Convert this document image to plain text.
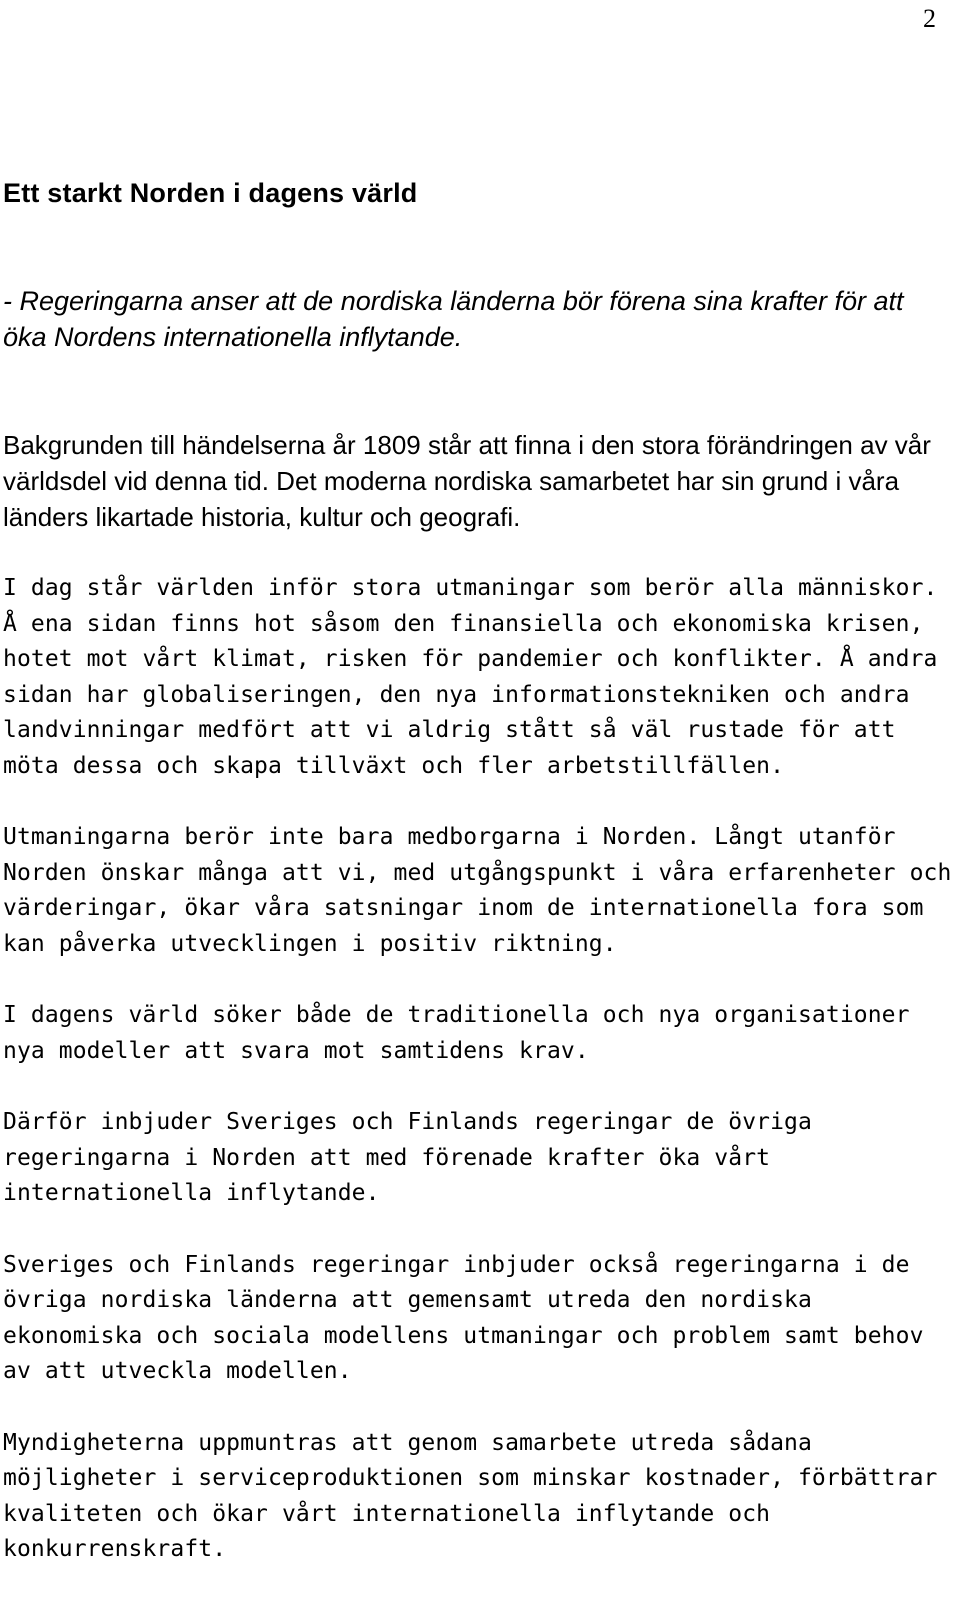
2
Ett starkt Norden i dagens värld

- Regeringarna anser att de nordiska länderna bör förena sina krafter för att öka Nordens internationella inflytande.

Bakgrunden till händelserna år 1809 står att finna i den stora förändringen av vår världsdel vid denna tid. Det moderna nordiska samarbetet har sin grund i våra länders likartade historia, kultur och geografi.

I dag står världen inför stora utmaningar som berör alla människor. Å ena sidan finns hot såsom den finansiella och ekonomiska krisen, hotet mot vårt klimat, risken för pandemier och konflikter. Å andra sidan har globaliseringen, den nya informationstekniken och andra landvinningar medfört att vi aldrig stått så väl rustade för att möta dessa och skapa tillväxt och fler arbetstillfällen.

Utmaningarna berör inte bara medborgarna i Norden. Långt utanför Norden önskar många att vi, med utgångspunkt i våra erfarenheter och värderingar, ökar våra satsningar inom de internationella fora som kan påverka utvecklingen i positiv riktning.

I dagens värld söker både de traditionella och nya organisationer nya modeller att svara mot samtidens krav.

Därför inbjuder Sveriges och Finlands regeringar de övriga regeringarna i Norden att med förenade krafter öka vårt internationella inflytande.

Sveriges och Finlands regeringar inbjuder också regeringarna i de övriga nordiska länderna att gemensamt utreda den nordiska ekonomiska och sociala modellens utmaningar och problem samt behov av att utveckla modellen.

Myndigheterna uppmuntras att genom samarbete utreda sådana möjligheter i serviceproduktionen som minskar kostnader, förbättrar kvaliteten och ökar vårt internationella inflytande och konkurrenskraft.
